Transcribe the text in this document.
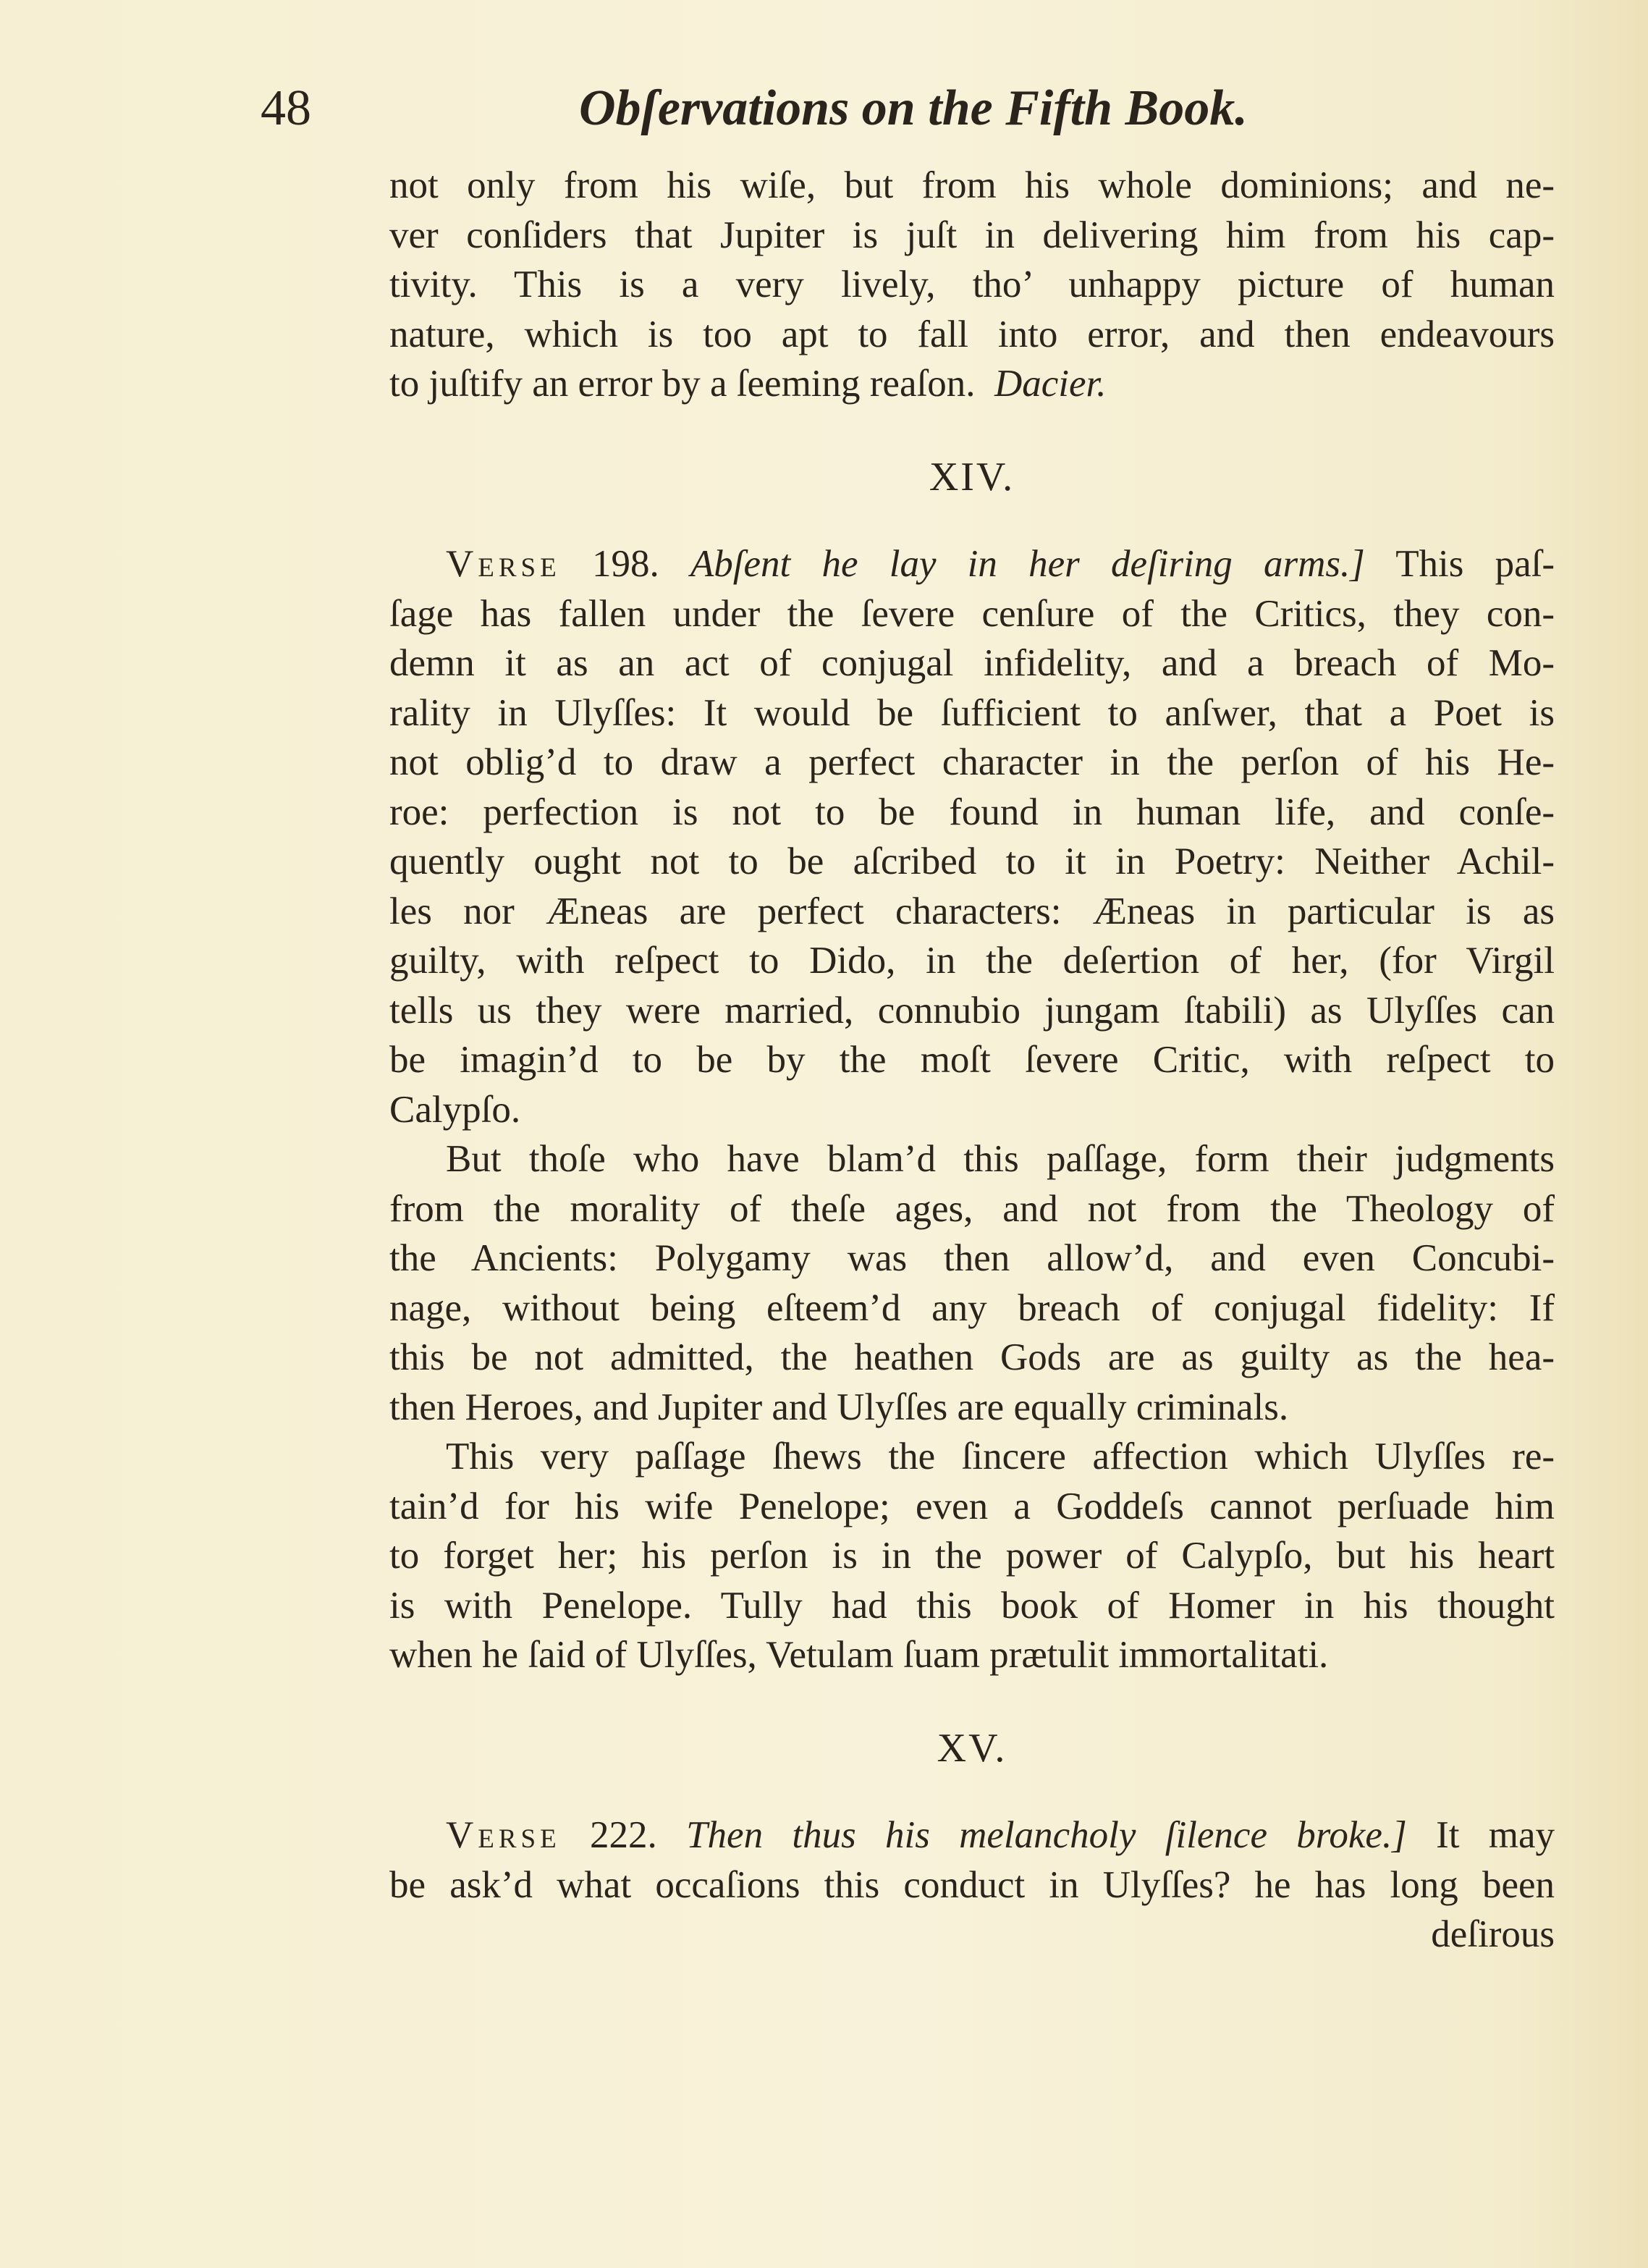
48	Obſervations on the Fifth Book.
not only from his wiſe, but from his whole dominions; and ne-
ver conſiders that Jupiter is juſt in delivering him from his cap-
tivity. This is a very lively, tho’ unhappy picture of human
nature, which is too apt to fall into error, and then endeavours
to juſtify an error by a ſeeming reaſon. Dacier.
XIV.
Verse 198. Abſent he lay in her deſiring arms.] This paſ-
ſage has fallen under the ſevere cenſure of the Critics, they con-
demn it as an act of conjugal infidelity, and a breach of Mo-
rality in Ulyſſes: It would be ſufficient to anſwer, that a Poet is
not oblig’d to draw a perfect character in the perſon of his He-
roe: perfection is not to be found in human life, and conſe-
quently ought not to be aſcribed to it in Poetry: Neither Achil-
les nor Æneas are perfect characters: Æneas in particular is as
guilty, with reſpect to Dido, in the deſertion of her, (for Virgil
tells us they were married, connubio jungam ſtabili) as Ulyſſes can
be imagin’d to be by the moſt ſevere Critic, with reſpect to
Calypſo.
But thoſe who have blam’d this paſſage, form their judgments
from the morality of theſe ages, and not from the Theology of
the Ancients: Polygamy was then allow’d, and even Concubi-
nage, without being eſteem’d any breach of conjugal fidelity: If
this be not admitted, the heathen Gods are as guilty as the hea-
then Heroes, and Jupiter and Ulyſſes are equally criminals.
This very paſſage ſhews the ſincere affection which Ulyſſes re-
tain’d for his wife Penelope; even a Goddeſs cannot perſuade him
to forget her; his perſon is in the power of Calypſo, but his heart
is with Penelope. Tully had this book of Homer in his thought
when he ſaid of Ulyſſes, Vetulam ſuam prætulit immortalitati.
XV.
Verse 222. Then thus his melancholy ſilence broke.] It may
be ask’d what occaſions this conduct in Ulyſſes? he has long been
deſirous
